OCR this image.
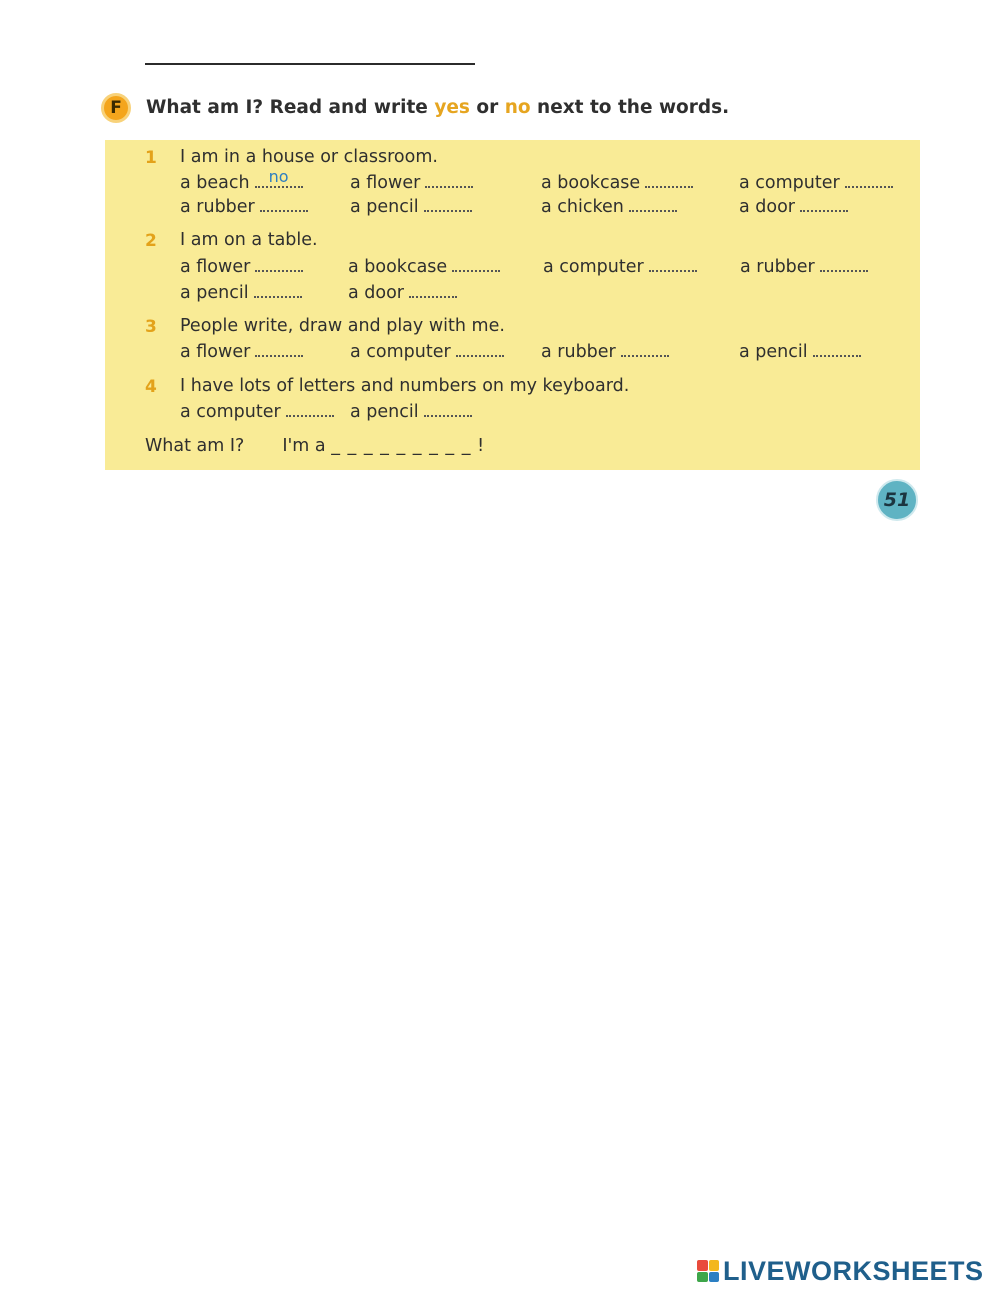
F	What am I? Read and write yes or no next to the words.
1 I am in a house or classroom.
a beach	no	a flower	a bookcase	a computer
a rubber	a pencil	a chicken	a door
2 I am on a table.
a flower	a bookcase	a computer	a rubber
a pencil	a door
3 People write, draw and play with me.
a flower	a computer	a rubber	a pencil
4 I have lots of letters and numbers on my keyboard.
a computer	a pencil
What am I? I'm a _ _ _ _ _ _ _ _ _ !
51
LIVEWORKSHEETS
